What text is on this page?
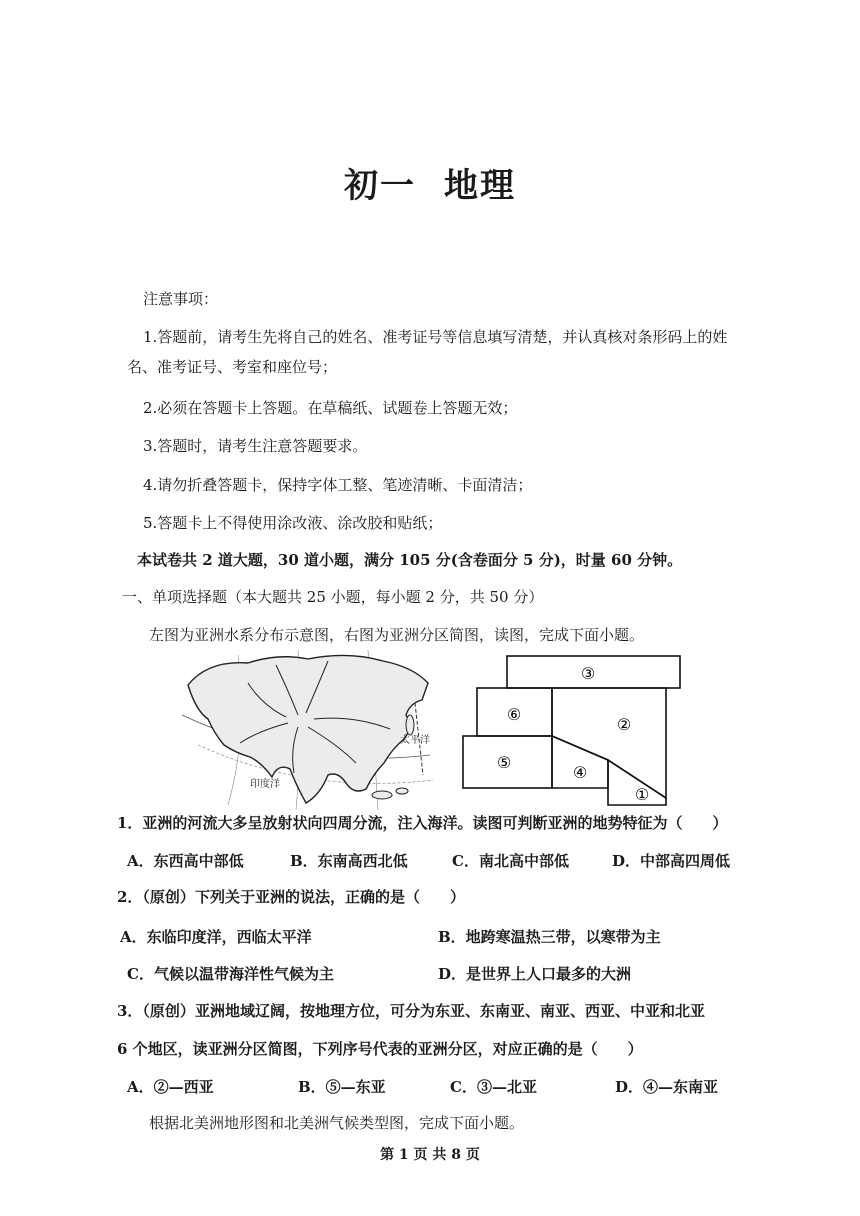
初一 地理
注意事项：
1.答题前，请考生先将自己的姓名、准考证号等信息填写清楚，并认真核对条形码上的姓
名、准考证号、考室和座位号；
2.必须在答题卡上答题。在草稿纸、试题卷上答题无效；
3.答题时，请考生注意答题要求。
4.请勿折叠答题卡，保持字体工整、笔迹清晰、卡面清洁；
5.答题卡上不得使用涂改液、涂改胶和贴纸；
本试卷共 2 道大题，30 道小题，满分 105 分(含卷面分 5 分)，时量 60 分钟。
一、单项选择题（本大题共 25 小题，每小题 2 分，共 50 分）
左图为亚洲水系分布示意图，右图为亚洲分区简图，读图，完成下面小题。
太平洋
印度洋
③
⑥
②
⑤
④
①
1．亚洲的河流大多呈放射状向四周分流，注入海洋。读图可判断亚洲的地势特征为（　　）
A．东西高中部低	B．东南高西北低	C．南北高中部低	D．中部高四周低
2．（原创）下列关于亚洲的说法，正确的是（　　）
A．东临印度洋，西临太平洋	B．地跨寒温热三带，以寒带为主
C．气候以温带海洋性气候为主	D．是世界上人口最多的大洲
3．（原创）亚洲地域辽阔，按地理方位，可分为东亚、东南亚、南亚、西亚、中亚和北亚
6 个地区，读亚洲分区简图，下列序号代表的亚洲分区，对应正确的是（　　）
A．②—西亚	B．⑤—东亚	C．③—北亚	D．④—东南亚
根据北美洲地形图和北美洲气候类型图，完成下面小题。
第 1 页 共 8 页
